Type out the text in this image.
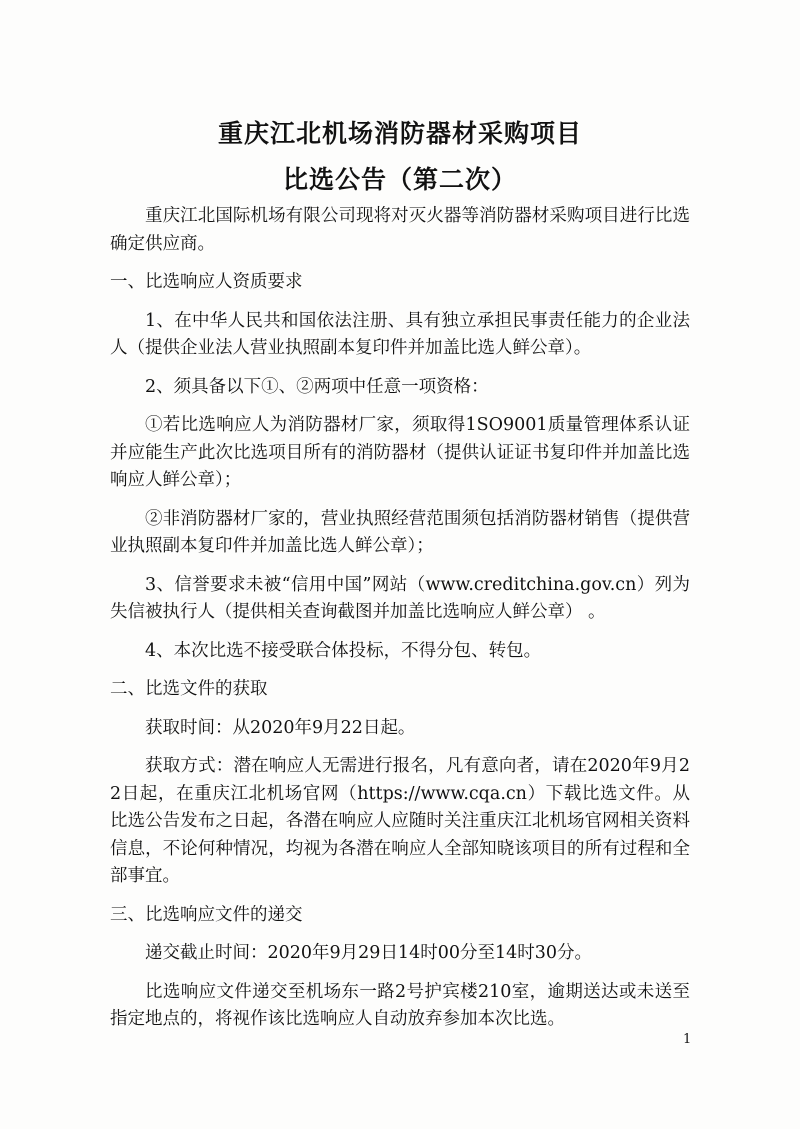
重庆江北机场消防器材采购项目
比选公告（第二次）

重庆江北国际机场有限公司现将对灭火器等消防器材采购项目进行比选确定供应商。

一、比选响应人资质要求

1、在中华人民共和国依法注册、具有独立承担民事责任能力的企业法人（提供企业法人营业执照副本复印件并加盖比选人鲜公章）。

2、须具备以下①、②两项中任意一项资格：

①若比选响应人为消防器材厂家，须取得1SO9001质量管理体系认证并应能生产此次比选项目所有的消防器材（提供认证证书复印件并加盖比选响应人鲜公章）；

②非消防器材厂家的，营业执照经营范围须包括消防器材销售（提供营业执照副本复印件并加盖比选人鲜公章）；

3、信誉要求未被“信用中国”网站（www.creditchina.gov.cn）列为失信被执行人（提供相关查询截图并加盖比选响应人鲜公章） 。

4、本次比选不接受联合体投标，不得分包、转包。

二、比选文件的获取

获取时间：从2020年9月22日起。

获取方式：潜在响应人无需进行报名，凡有意向者，请在2020年9月22日起，在重庆江北机场官网（https://www.cqa.cn）下载比选文件。从比选公告发布之日起，各潜在响应人应随时关注重庆江北机场官网相关资料信息，不论何种情况，均视为各潜在响应人全部知晓该项目的所有过程和全部事宜。

三、比选响应文件的递交

递交截止时间：2020年9月29日14时00分至14时30分。

比选响应文件递交至机场东一路2号护宾楼210室，逾期送达或未送至指定地点的，将视作该比选响应人自动放弃参加本次比选。

1
